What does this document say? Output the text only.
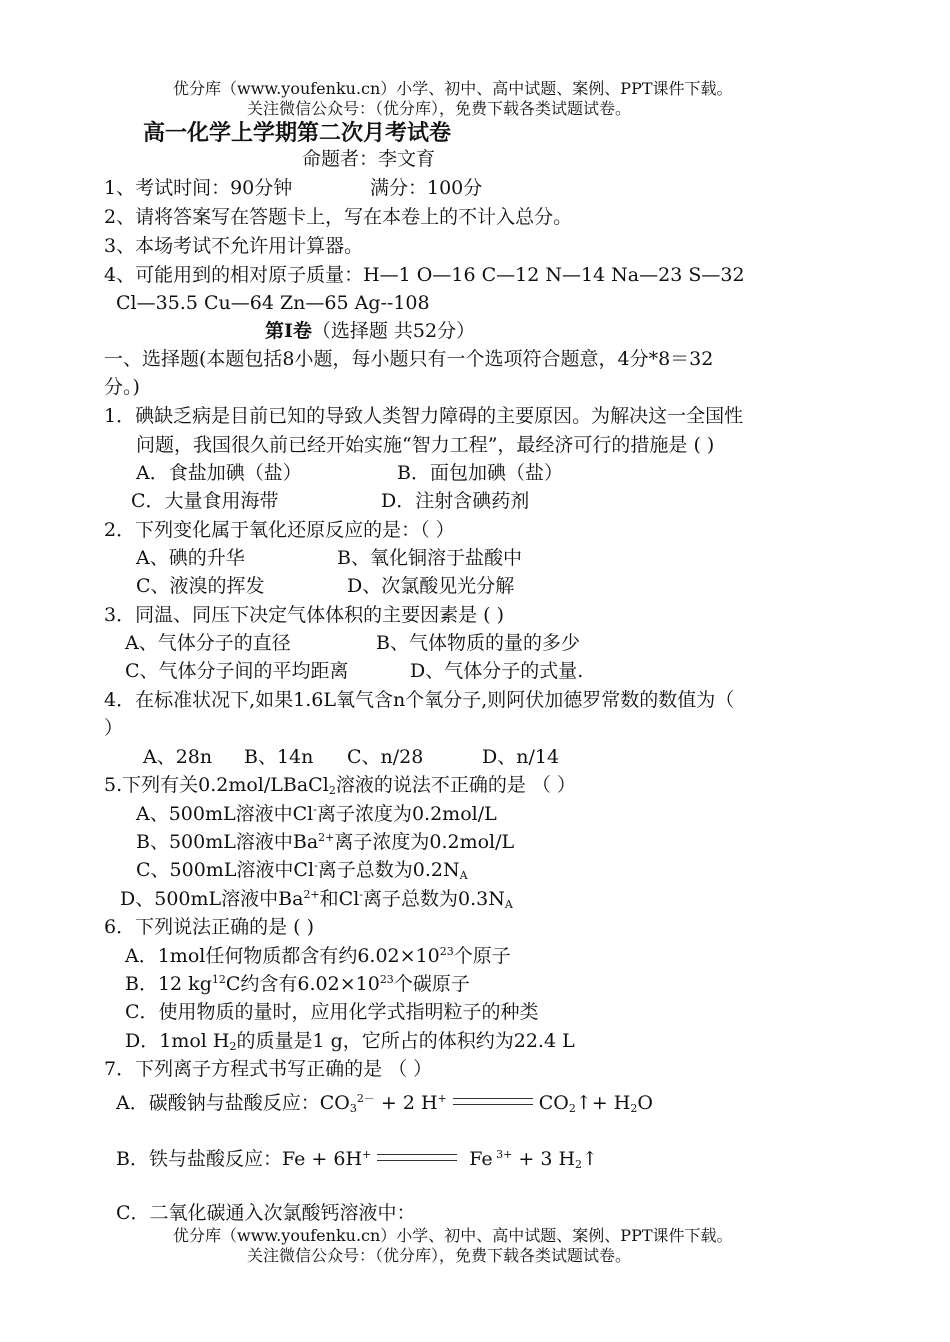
优分库（www.youfenku.cn）小学、初中、高中试题、案例、PPT课件下载。
关注微信公众号：（优分库），免费下载各类试题试卷。
高一化学上学期第二次月考试卷
命题者：李文育
1、考试时间：90分钟	满分：100分
2、请将答案写在答题卡上，写在本卷上的不计入总分。
3、本场考试不允许用计算器。
4、可能用到的相对原子质量：H—1 O—16 C—12 N—14 Na—23 S—32
Cl—35.5 Cu—64 Zn—65 Ag--108
第Ⅰ卷（选择题 共52分）
一、选择题(本题包括8小题，每小题只有一个选项符合题意，4分*8＝32
分。)
1．碘缺乏病是目前已知的导致人类智力障碍的主要原因。为解决这一全国性
问题，我国很久前已经开始实施“智力工程”，最经济可行的措施是 ( )
A．食盐加碘（盐）	B．面包加碘（盐）
C．大量食用海带	D．注射含碘药剂
2．下列变化属于氧化还原反应的是：（ ）
A、碘的升华	B、氧化铜溶于盐酸中
C、液溴的挥发	D、次氯酸见光分解
3．同温、同压下决定气体体积的主要因素是 ( )
A、气体分子的直径	B、气体物质的量的多少
C、气体分子间的平均距离	D、气体分子的式量.
4．在标准状况下,如果1.6L氧气含n个氧分子,则阿伏加德罗常数的数值为（
）
A、28n B、14n C、n/28	D、n/14
5.下列有关0.2mol/LBaCl$_2$溶液的说法不正确的是 （ ）
A、500mL溶液中Cl-离子浓度为0.2mol/L
B、500mL溶液中$Ba^{2+}$离子浓度为0.2mol/L
C、500mL溶液中Cl-离子总数为$0.2N_A$
D、500mL溶液中$Ba^{2+}$和Cl-离子总数为$0.3N_A$
6．下列说法正确的是 ( )
A．1mol任何物质都含有约$6.02\times 10^{23}$个原子
B．12 $kg^{12}C$约含有$6.02\times 10^{23}$个碳原子
C．使用物质的量时，应用化学式指明粒子的种类
D．1mol $H_2$的质量是1 g，它所占的体积约为22.4 L
7．下列离子方程式书写正确的是 （ ）
A．碳酸钠与盐酸反应：$CO_3^{2-} + 2$ H+	$CO_2↑+ H_2O$
B．铁与盐酸反应：Fe + 6H+	Fe $^{3+}$ + 3 $H_2↑$
C．二氧化碳通入次氯酸钙溶液中：
优分库（www.youfenku.cn）小学、初中、高中试题、案例、PPT课件下载。
关注微信公众号：（优分库），免费下载各类试题试卷。
